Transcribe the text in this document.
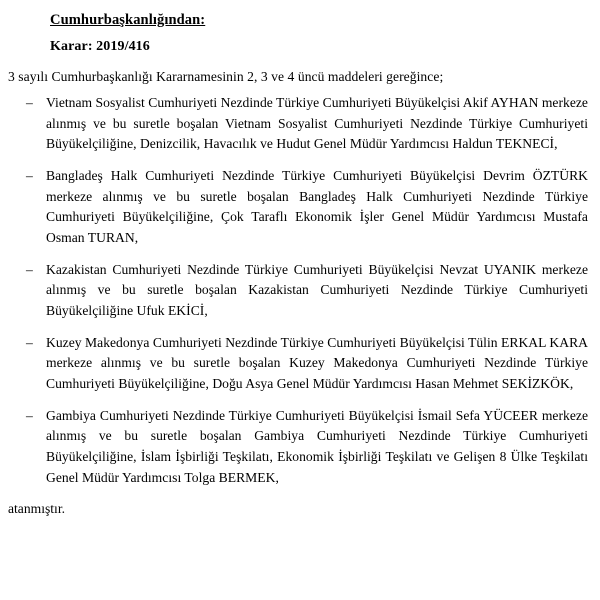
Cumhurbaşkanlığından:
Karar: 2019/416
3 sayılı Cumhurbaşkanlığı Kararnamesinin 2, 3 ve 4 üncü maddeleri gereğince;
– Vietnam Sosyalist Cumhuriyeti Nezdinde Türkiye Cumhuriyeti Büyükelçisi Akif AYHAN merkeze alınmış ve bu suretle boşalan Vietnam Sosyalist Cumhuriyeti Nezdinde Türkiye Cumhuriyeti Büyükelçiliğine, Denizcilik, Havacılık ve Hudut Genel Müdür Yardımcısı Haldun TEKNECİ,
– Bangladeş Halk Cumhuriyeti Nezdinde Türkiye Cumhuriyeti Büyükelçisi Devrim ÖZTÜRK merkeze alınmış ve bu suretle boşalan Bangladeş Halk Cumhuriyeti Nezdinde Türkiye Cumhuriyeti Büyükelçiliğine, Çok Taraflı Ekonomik İşler Genel Müdür Yardımcısı Mustafa Osman TURAN,
– Kazakistan Cumhuriyeti Nezdinde Türkiye Cumhuriyeti Büyükelçisi Nevzat UYANIK merkeze alınmış ve bu suretle boşalan Kazakistan Cumhuriyeti Nezdinde Türkiye Cumhuriyeti Büyükelçiliğine Ufuk EKİCİ,
– Kuzey Makedonya Cumhuriyeti Nezdinde Türkiye Cumhuriyeti Büyükelçisi Tülin ERKAL KARA merkeze alınmış ve bu suretle boşalan Kuzey Makedonya Cumhuriyeti Nezdinde Türkiye Cumhuriyeti Büyükelçiliğine, Doğu Asya Genel Müdür Yardımcısı Hasan Mehmet SEKİZKÖK,
– Gambiya Cumhuriyeti Nezdinde Türkiye Cumhuriyeti Büyükelçisi İsmail Sefa YÜCEER merkeze alınmış ve bu suretle boşalan Gambiya Cumhuriyeti Nezdinde Türkiye Cumhuriyeti Büyükelçiliğine, İslam İşbirliği Teşkilatı, Ekonomik İşbirliği Teşkilatı ve Gelişen 8 Ülke Teşkilatı Genel Müdür Yardımcısı Tolga BERMEK,
atanmıştır.
